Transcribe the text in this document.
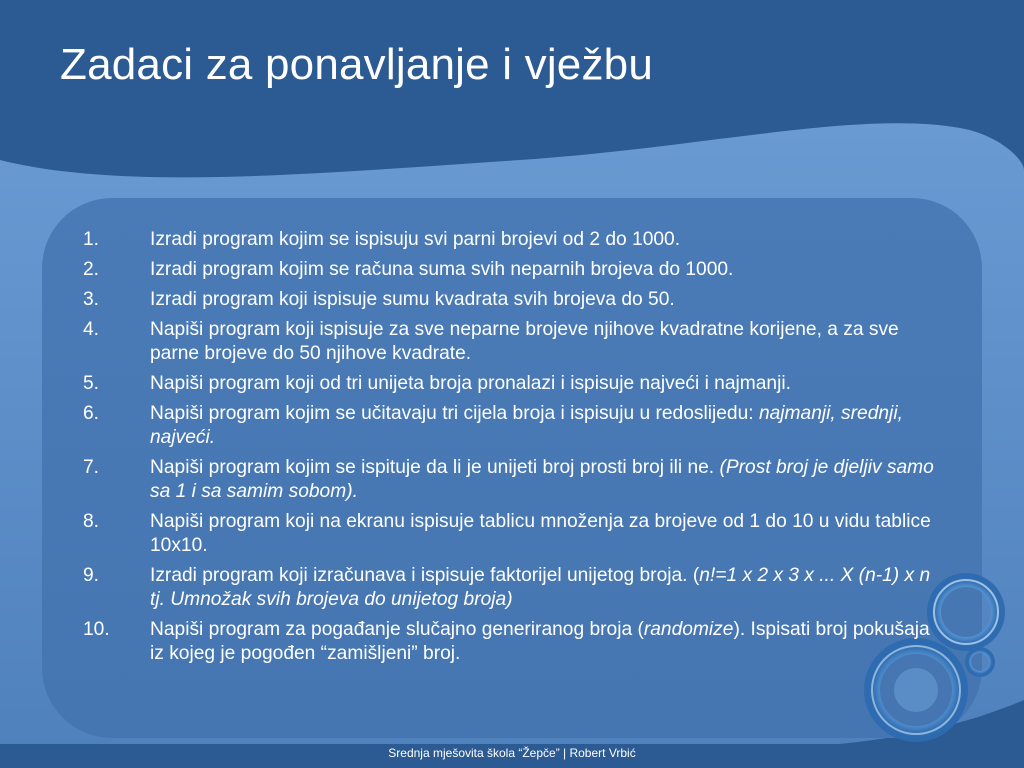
Zadaci za ponavljanje i vježbu
1.	Izradi program kojim se ispisuju svi parni brojevi od 2 do 1000.
2.	Izradi program kojim se računa suma svih neparnih brojeva do 1000.
3.	Izradi program koji ispisuje sumu kvadrata svih brojeva do 50.
4.	Napiši program koji ispisuje za sve neparne brojeve njihove kvadratne korijene, a za sve parne brojeve do 50 njihove kvadrate.
5.	Napiši program koji od tri unijeta broja pronalazi i ispisuje najveći i najmanji.
6.	Napiši program kojim se učitavaju tri cijela broja i ispisuju u redoslijedu: najmanji, srednji, najveći.
7.	Napiši program kojim se ispituje da li je unijeti broj prosti broj ili ne. (Prost broj je djeljiv samo sa 1 i sa samim sobom).
8.	Napiši program koji na ekranu ispisuje tablicu množenja za brojeve od 1 do 10 u vidu tablice 10x10.
9.	Izradi program koji izračunava i ispisuje faktorijel unijetog broja. (n!=1 x 2 x 3 x ... X (n-1) x n tj. Umnožak svih brojeva do unijetog broja)
10. Napiši program za pogađanje slučajno generiranog broja (randomize). Ispisati broj pokušaja iz kojeg je pogođen “zamišljeni” broj.
Srednja mješovita škola “Žepče” | Robert Vrbić
